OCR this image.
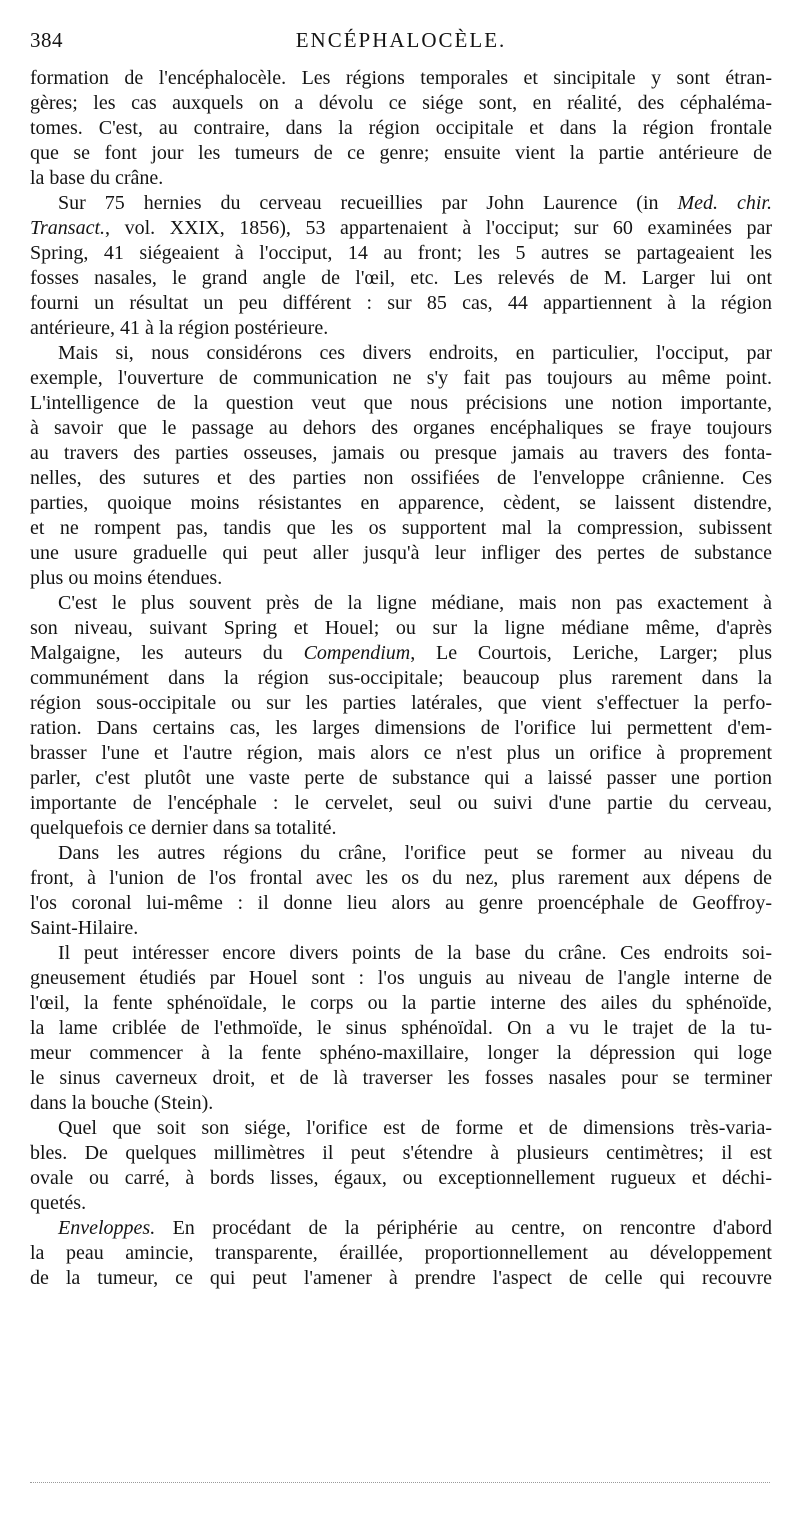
384	ENCÉPHALOCÈLE.

formation de l'encéphalocèle. Les régions temporales et sincipitale y sont étran-
gères; les cas auxquels on a dévolu ce siége sont, en réalité, des céphaléma-
tomes. C'est, au contraire, dans la région occipitale et dans la région frontale
que se font jour les tumeurs de ce genre; ensuite vient la partie antérieure de
la base du crâne.

Sur 75 hernies du cerveau recueillies par John Laurence (in Med. chir.
Transact., vol. XXIX, 1856), 53 appartenaient à l'occiput; sur 60 examinées par
Spring, 41 siégeaient à l'occiput, 14 au front; les 5 autres se partageaient les
fosses nasales, le grand angle de l'œil, etc. Les relevés de M. Larger lui ont
fourni un résultat un peu différent : sur 85 cas, 44 appartiennent à la région
antérieure, 41 à la région postérieure.

Mais si, nous considérons ces divers endroits, en particulier, l'occiput, par
exemple, l'ouverture de communication ne s'y fait pas toujours au même point.
L'intelligence de la question veut que nous précisions une notion importante,
à savoir que le passage au dehors des organes encéphaliques se fraye toujours
au travers des parties osseuses, jamais ou presque jamais au travers des fonta-
nelles, des sutures et des parties non ossifiées de l'enveloppe crânienne. Ces
parties, quoique moins résistantes en apparence, cèdent, se laissent distendre,
et ne rompent pas, tandis que les os supportent mal la compression, subissent
une usure graduelle qui peut aller jusqu'à leur infliger des pertes de substance
plus ou moins étendues.

C'est le plus souvent près de la ligne médiane, mais non pas exactement à
son niveau, suivant Spring et Houel; ou sur la ligne médiane même, d'après
Malgaigne, les auteurs du Compendium, Le Courtois, Leriche, Larger; plus
communément dans la région sus-occipitale; beaucoup plus rarement dans la
région sous-occipitale ou sur les parties latérales, que vient s'effectuer la perfo-
ration. Dans certains cas, les larges dimensions de l'orifice lui permettent d'em-
brasser l'une et l'autre région, mais alors ce n'est plus un orifice à proprement
parler, c'est plutôt une vaste perte de substance qui a laissé passer une portion
importante de l'encéphale : le cervelet, seul ou suivi d'une partie du cerveau,
quelquefois ce dernier dans sa totalité.

Dans les autres régions du crâne, l'orifice peut se former au niveau du
front, à l'union de l'os frontal avec les os du nez, plus rarement aux dépens de
l'os coronal lui-même : il donne lieu alors au genre proencéphale de Geoffroy-
Saint-Hilaire.

Il peut intéresser encore divers points de la base du crâne. Ces endroits soi-
gneusement étudiés par Houel sont : l'os unguis au niveau de l'angle interne de
l'œil, la fente sphénoïdale, le corps ou la partie interne des ailes du sphénoïde,
la lame criblée de l'ethmoïde, le sinus sphénoïdal. On a vu le trajet de la tu-
meur commencer à la fente sphéno-maxillaire, longer la dépression qui loge
le sinus caverneux droit, et de là traverser les fosses nasales pour se terminer
dans la bouche (Stein).

Quel que soit son siége, l'orifice est de forme et de dimensions très-varia-
bles. De quelques millimètres il peut s'étendre à plusieurs centimètres; il est
ovale ou carré, à bords lisses, égaux, ou exceptionnellement rugueux et déchi-
quetés.

Enveloppes. En procédant de la périphérie au centre, on rencontre d'abord
la peau amincie, transparente, éraillée, proportionnellement au développement
de la tumeur, ce qui peut l'amener à prendre l'aspect de celle qui recouvre
